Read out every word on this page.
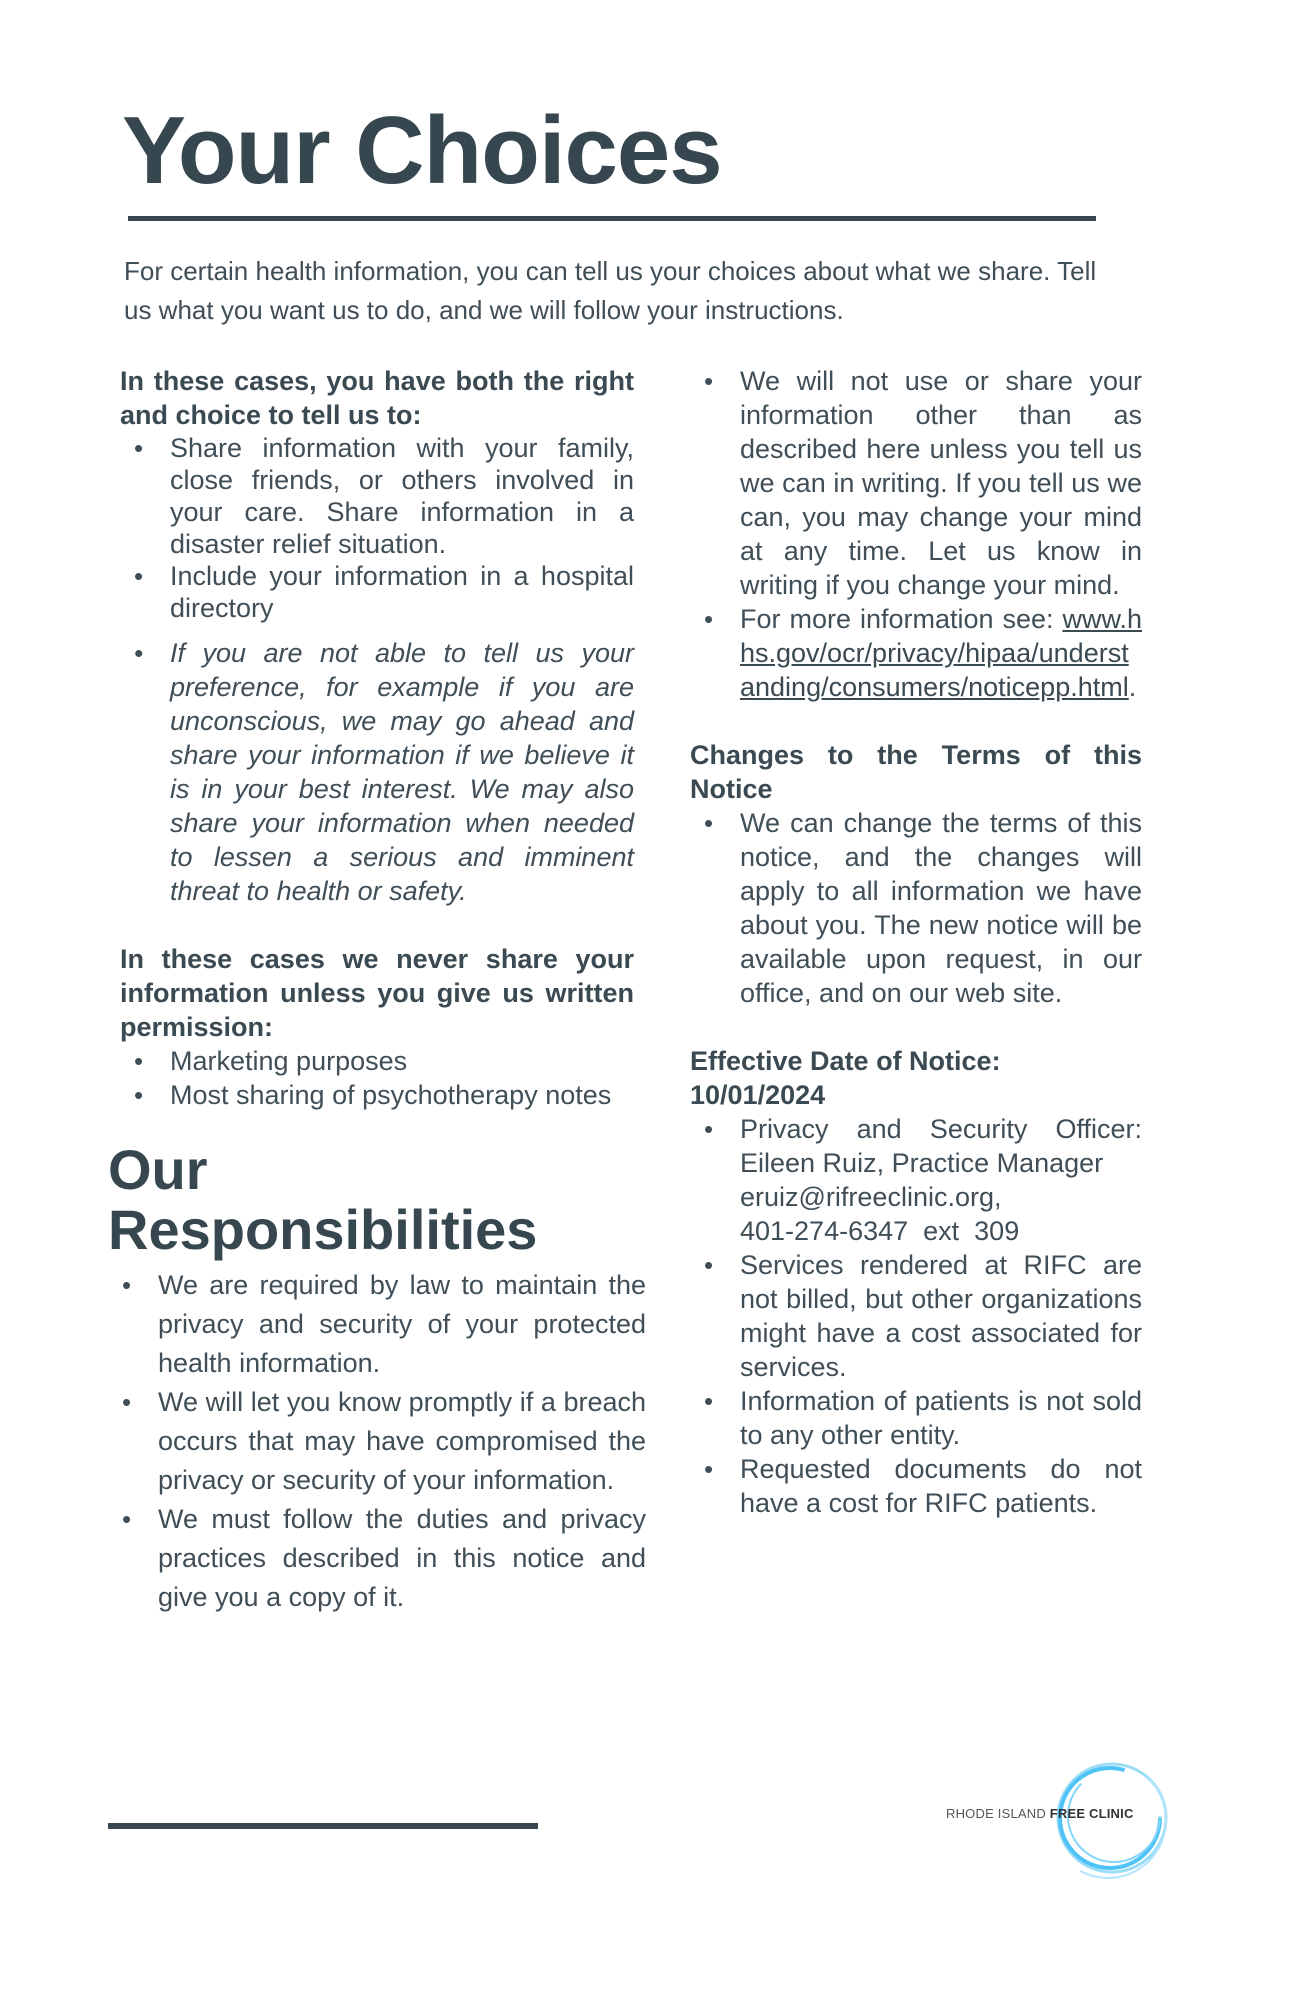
Your Choices
For certain health information, you can tell us your choices about what we share. Tell us what you want us to do, and we will follow your instructions.
In these cases, you have both the right and choice to tell us to:
• Share information with your family, close friends, or others involved in your care. Share information in a disaster relief situation.
• Include your information in a hospital directory
• If you are not able to tell us your preference, for example if you are unconscious, we may go ahead and share your information if we believe it is in your best interest. We may also share your information when needed to lessen a serious and imminent threat to health or safety.
In these cases we never share your information unless you give us written permission:
• Marketing purposes
• Most sharing of psychotherapy notes
Our
Responsibilities
• We are required by law to maintain the privacy and security of your protected health information.
• We will let you know promptly if a breach occurs that may have compromised the privacy or security of your information.
• We must follow the duties and privacy practices described in this notice and give you a copy of it.
• We will not use or share your information other than as described here unless you tell us we can in writing. If you tell us we can, you may change your mind at any time. Let us know in writing if you change your mind.
• For more information see: www.hhs.gov/ocr/privacy/hipaa/understanding/consumers/noticepp.html.
Changes to the Terms of this Notice
• We can change the terms of this notice, and the changes will apply to all information we have about you. The new notice will be available upon request, in our office, and on our web site.
Effective Date of Notice:
10/01/2024
• Privacy and Security Officer: Eileen Ruiz, Practice Manager

eruiz@rifreeclinic.org,
401-274-6347  ext  309
• Services rendered at RIFC are not billed, but other organizations might have a cost associated for services.
• Information of patients is not sold to any other entity.
• Requested documents do not have a cost for RIFC patients.
RHODE ISLAND FREE CLINIC
